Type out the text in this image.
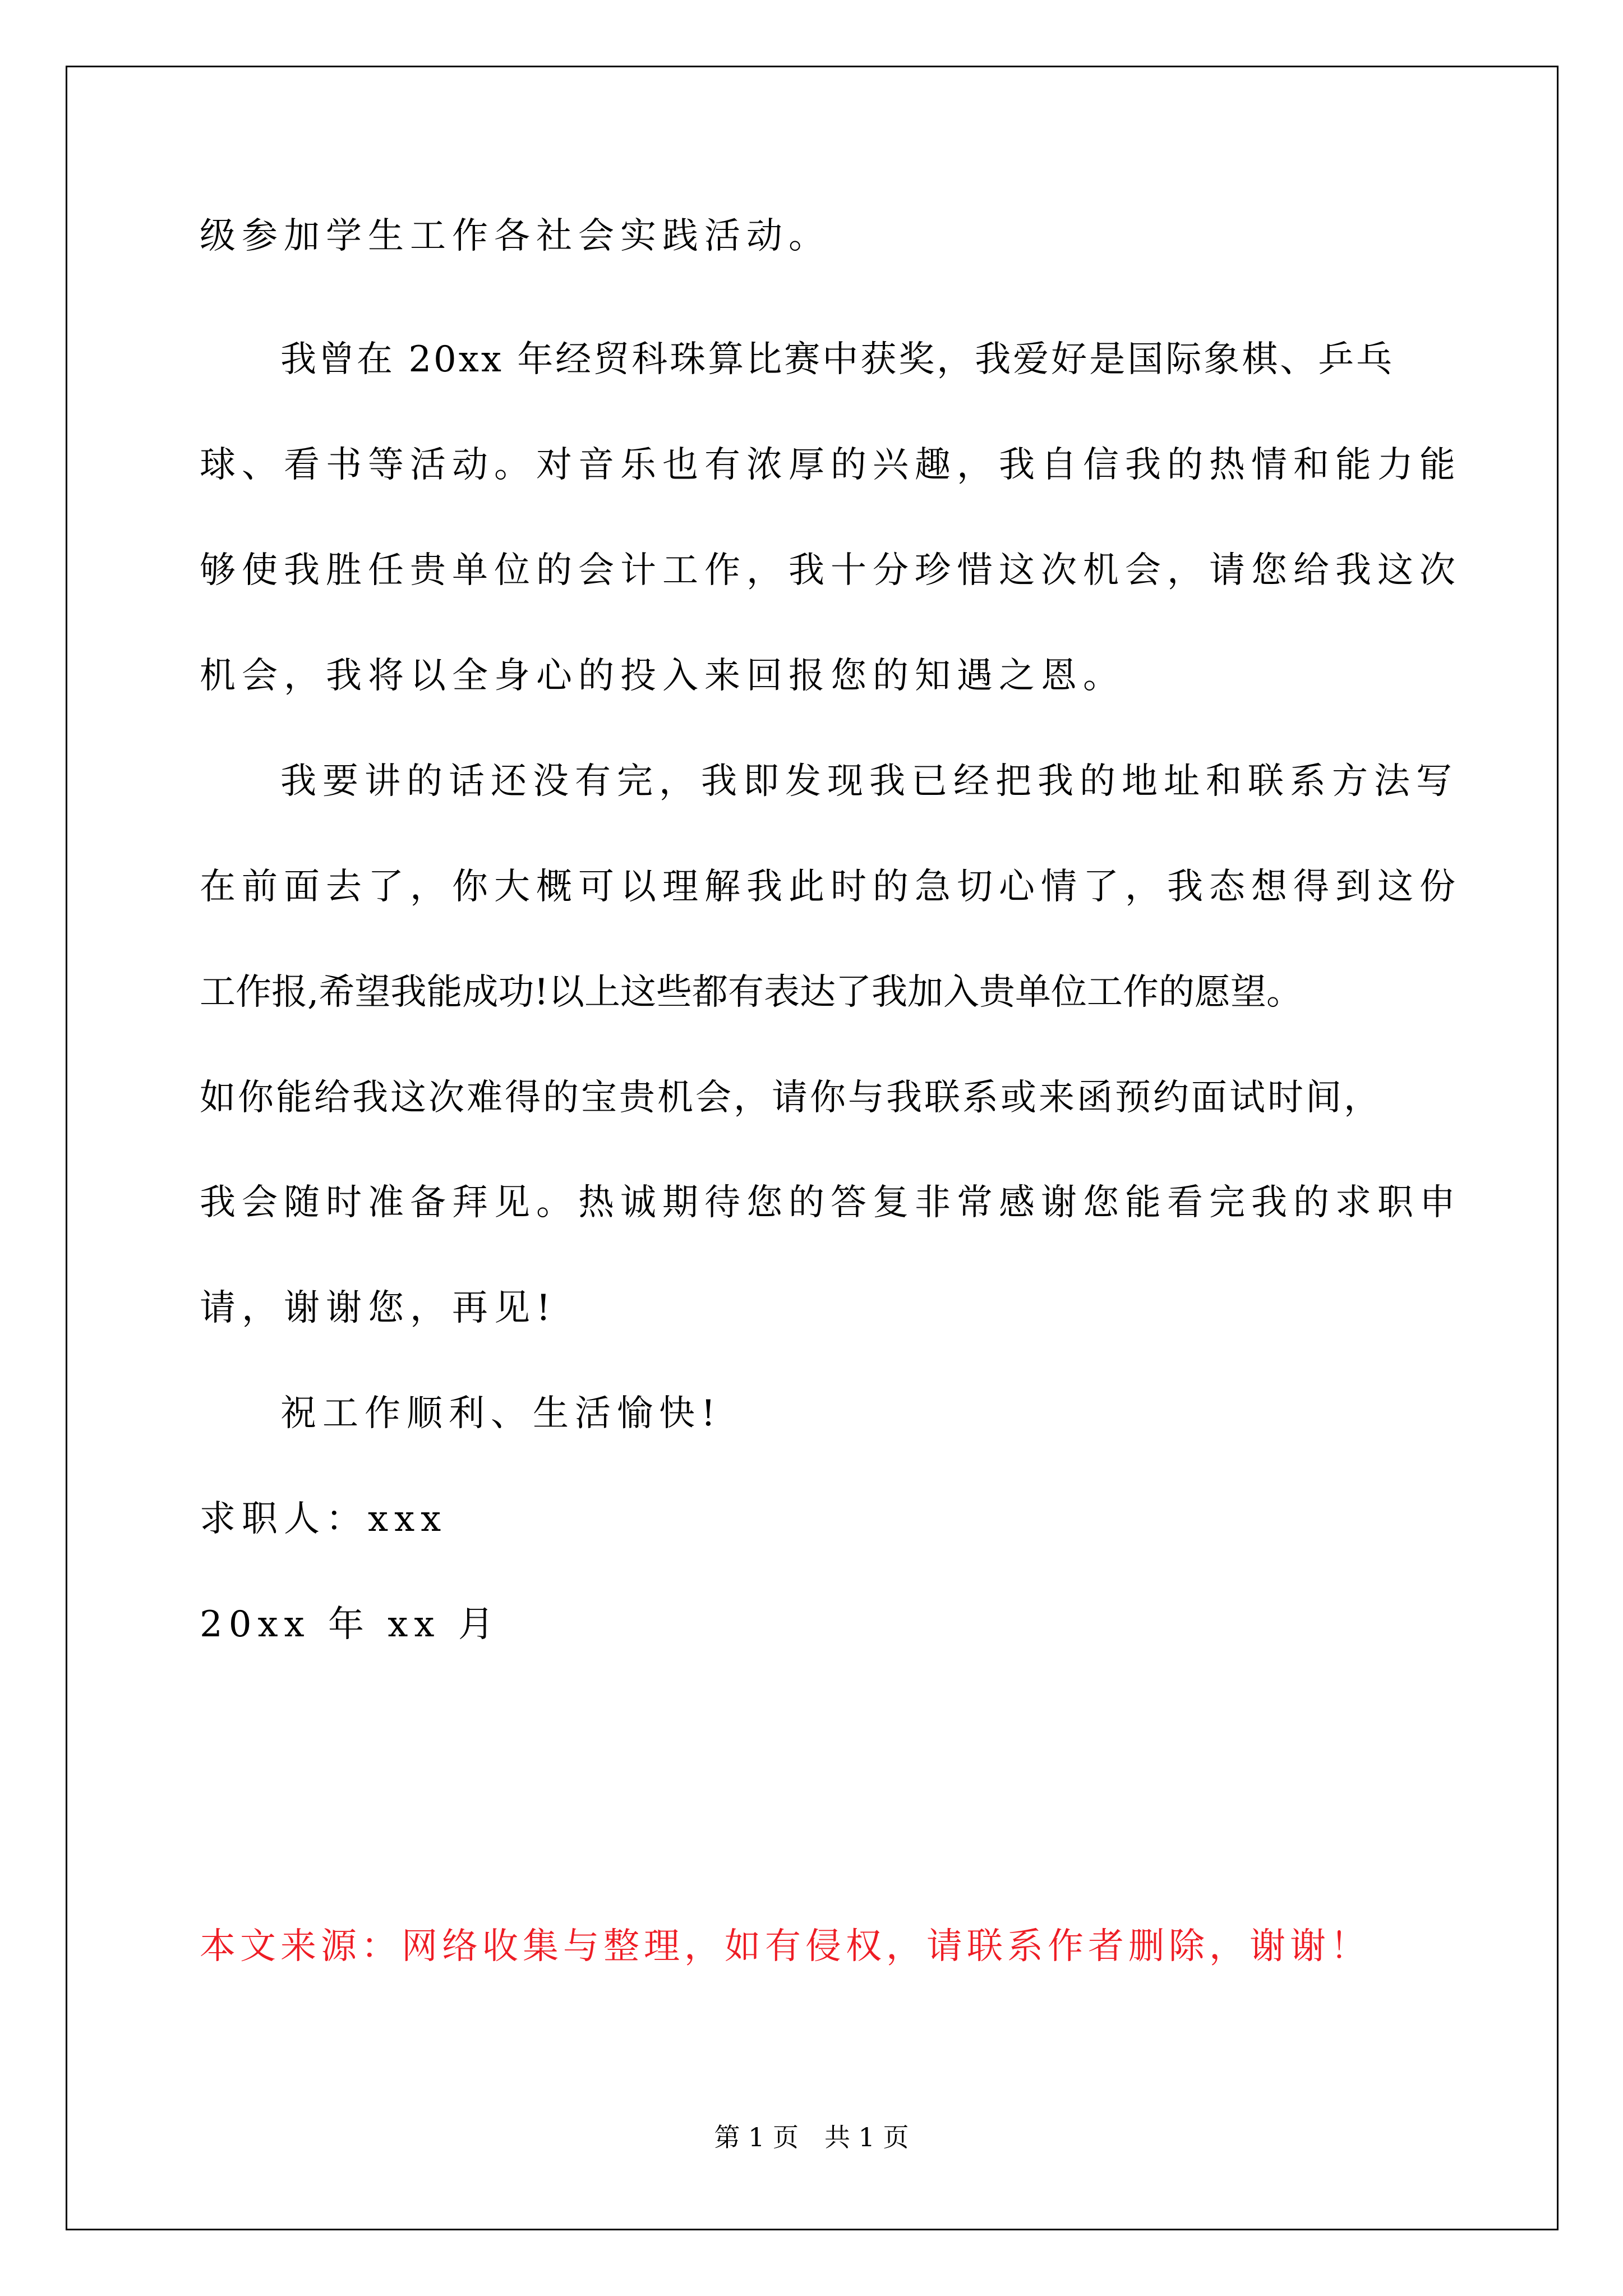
级参加学生工作各社会实践活动。

我曾在 20xx 年经贸科珠算比赛中获奖，我爱好是国际象棋、乒乓

球、看书等活动。对音乐也有浓厚的兴趣，我自信我的热情和能力能

够使我胜任贵单位的会计工作，我十分珍惜这次机会，请您给我这次

机会，我将以全身心的投入来回报您的知遇之恩。

我要讲的话还没有完，我即发现我已经把我的地址和联系方法写

在前面去了，你大概可以理解我此时的急切心情了，我态想得到这份

工作报,希望我能成功!以上这些都有表达了我加入贵单位工作的愿望。

如你能给我这次难得的宝贵机会，请你与我联系或来函预约面试时间，

我会随时准备拜见。热诚期待您的答复非常感谢您能看完我的求职申

请，谢谢您，再见!

祝工作顺利、生活愉快!

求职人：xxx

20xx 年 xx 月

本文来源：网络收集与整理，如有侵权，请联系作者删除，谢谢！

第 1 页 共 1 页
